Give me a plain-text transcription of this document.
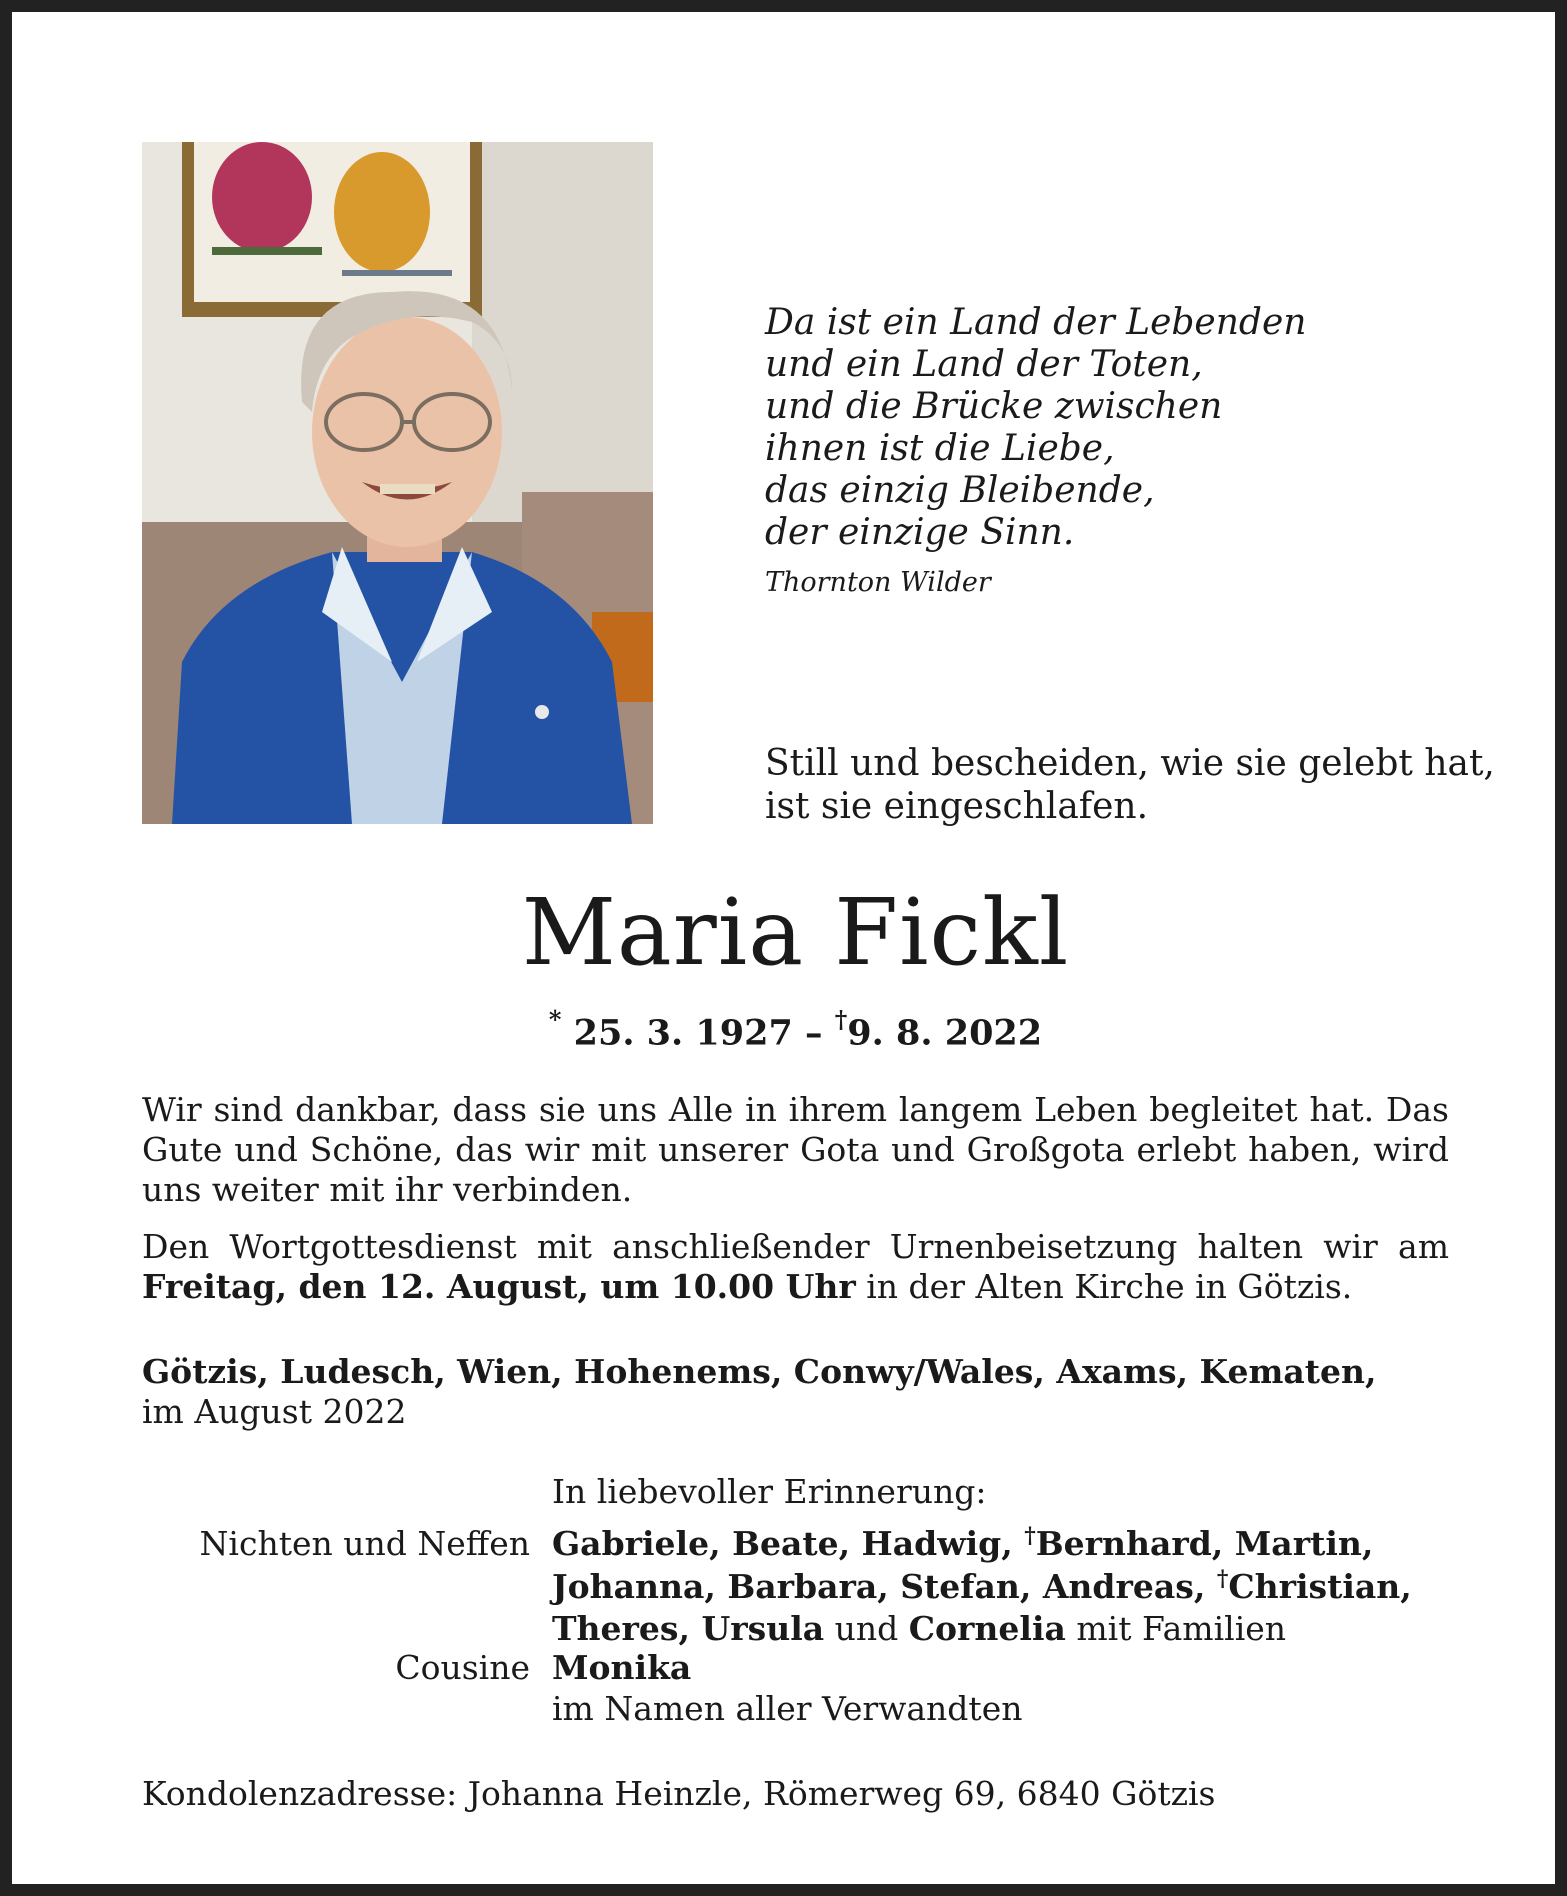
Da ist ein Land der Lebenden
und ein Land der Toten,
und die Brücke zwischen
ihnen ist die Liebe,
das einzig Bleibende,
der einzige Sinn.
Thornton Wilder
Still und bescheiden, wie sie gelebt hat,
ist sie eingeschlafen.
Maria Fickl
* 25. 3. 1927 – †9. 8. 2022
Wir sind dankbar, dass sie uns Alle in ihrem langem Leben begleitet hat. Das Gute und Schöne, das wir mit unserer Gota und Großgota erlebt haben, wird uns weiter mit ihr verbinden.
Den Wortgottesdienst mit anschließender Urnenbeisetzung halten wir am
Freitag, den 12. August, um 10.00 Uhr in der Alten Kirche in Götzis.
Götzis, Ludesch, Wien, Hohenems, Conwy/Wales, Axams, Kematen,
im August 2022
In liebevoller Erinnerung:
Nichten und Neffen Gabriele, Beate, Hadwig, †Bernhard, Martin,
Johanna, Barbara, Stefan, Andreas, †Christian,
Theres, Ursula und Cornelia mit Familien
Cousine Monika
im Namen aller Verwandten
Kondolenzadresse: Johanna Heinzle, Römerweg 69, 6840 Götzis
